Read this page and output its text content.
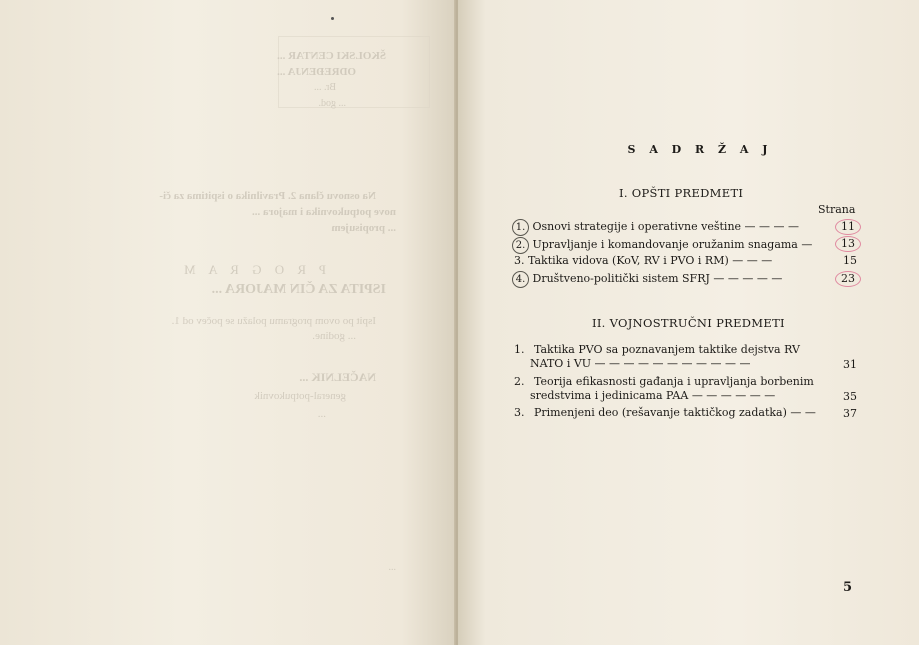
ŠKOLSKI CENTAR ...
ODREĐENJA ...
Br. ...
... god.
Na osnovu člana 2. Pravilnika o ispitima za či-
nove potpukovnika i majora ...
... propisujem
P R O G R A M
ISPITA ZA ČIN MAJORA ...
Ispit po ovom programu polažu se počev od 1.
... godine.
NAČELNIK ...
general-potpukovnik
...
...
S A D R Ž A J
I. OPŠTI PREDMETI
Strana
1. Osnovi strategije i operativne veštine — — — —	11
2. Upravljanje i komandovanje oružanim snagama —	13
3. Taktika vidova (KoV, RV i PVO i RM) — — —	15
4. Društveno-politički sistem SFRJ — — — — —	23
II. VOJNOSTRUČNI PREDMETI
1. Taktika PVO sa poznavanjem taktike dejstva RV
NATO i VU — — — — — — — — — — —	31
2. Teorija efikasnosti gađanja i upravljanja borbenim
sredstvima i jedinicama PAA — — — — — —	35
3. Primenjeni deo (rešavanje taktičkog zadatka) — — 37
5
